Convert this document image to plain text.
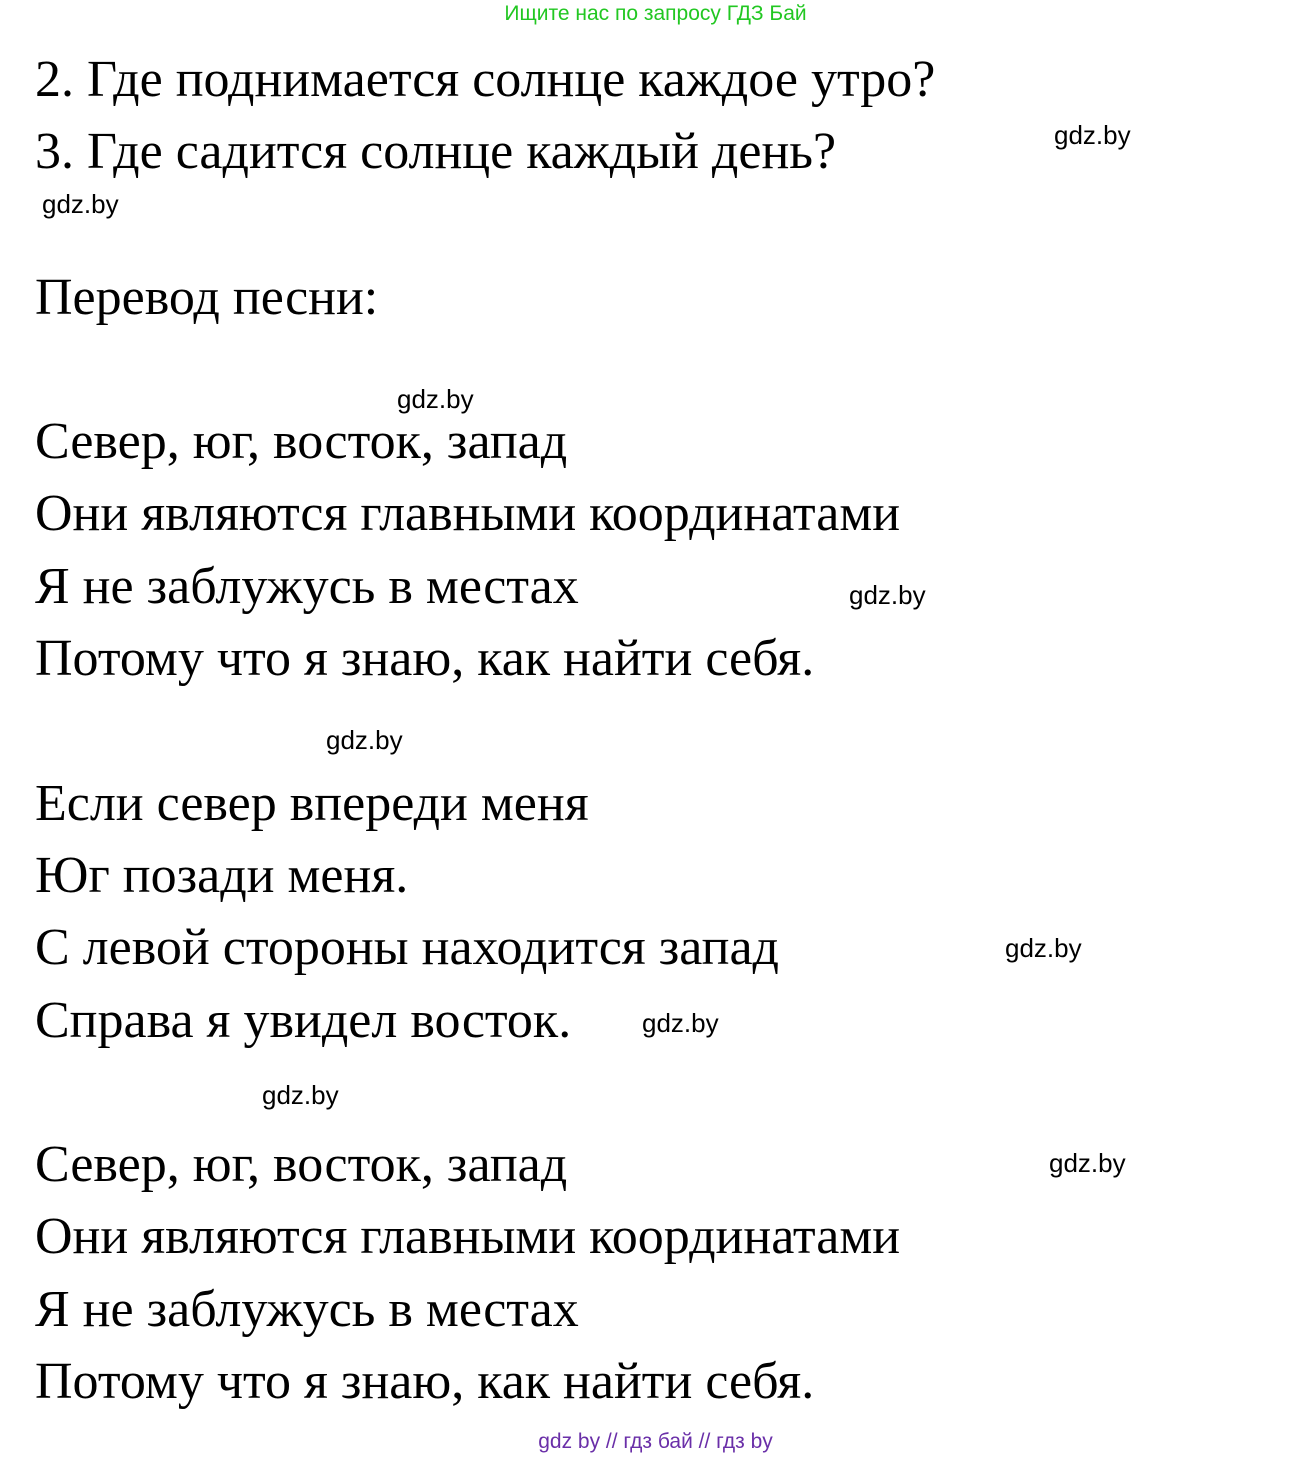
Ищите нас по запросу ГДЗ Бай
2. Где поднимается солнце каждое утро?
3. Где садится солнце каждый день?
Перевод песни:
Север, юг, восток, запад
Они являются главными координатами
Я не заблужусь в местах
Потому что я знаю, как найти себя.
Если север впереди меня
Юг позади меня.
С левой стороны находится запад
Справа я увидел восток.
Север, юг, восток, запад
Они являются главными координатами
Я не заблужусь в местах
Потому что я знаю, как найти себя.
gdz.by
gdz.by
gdz.by
gdz.by
gdz.by
gdz.by
gdz.by
gdz.by
gdz.by
gdz by // гдз бай // гдз by
